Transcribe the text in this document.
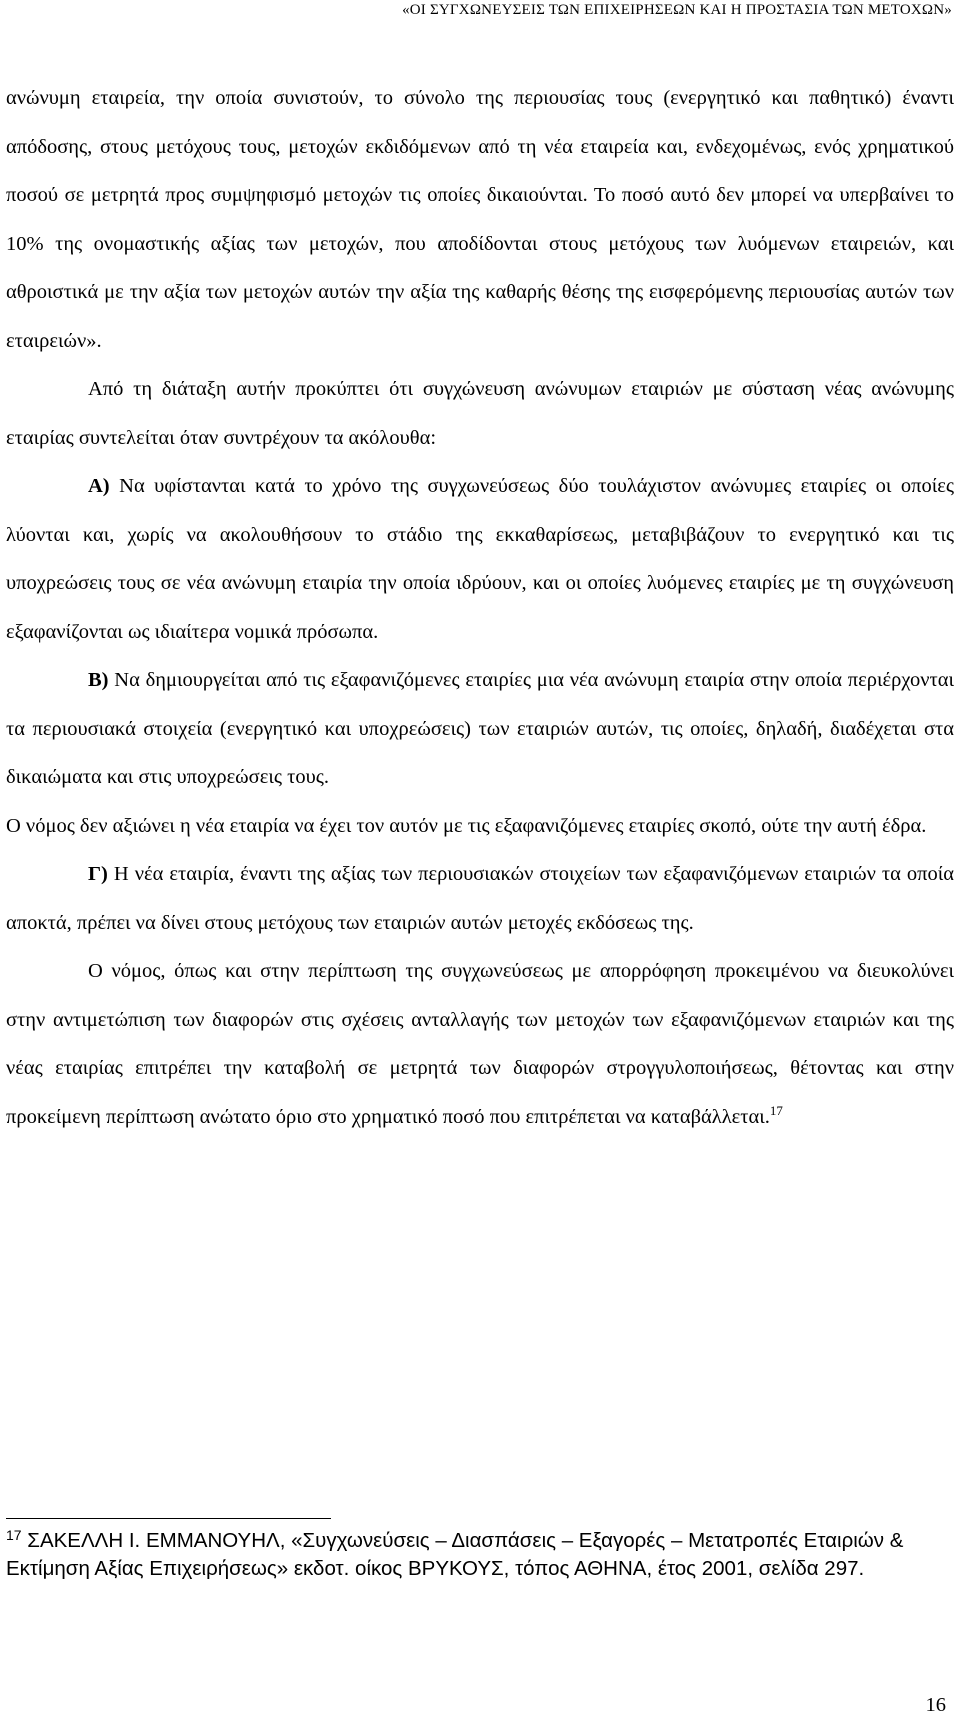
«ΟΙ ΣΥΓΧΩΝΕΥΣΕΙΣ ΤΩΝ ΕΠΙΧΕΙΡΗΣΕΩΝ ΚΑΙ Η ΠΡΟΣΤΑΣΙΑ ΤΩΝ ΜΕΤΟΧΩΝ»

ανώνυμη εταιρεία, την οποία συνιστούν, το σύνολο της περιουσίας τους (ενεργητικό και παθητικό) έναντι απόδοσης, στους μετόχους τους, μετοχών εκδιδόμενων από τη νέα εταιρεία και, ενδεχομένως, ενός χρηματικού ποσού σε μετρητά προς συμψηφισμό μετοχών τις οποίες δικαιούνται. Το ποσό αυτό δεν μπορεί να υπερβαίνει το 10% της ονομαστικής αξίας των μετοχών, που αποδίδονται στους μετόχους των λυόμενων εταιρειών, και αθροιστικά με την αξία των μετοχών αυτών την αξία της καθαρής θέσης της εισφερόμενης περιουσίας αυτών των εταιρειών».

Από τη διάταξη αυτήν προκύπτει ότι συγχώνευση ανώνυμων εταιριών με σύσταση νέας ανώνυμης εταιρίας συντελείται όταν συντρέχουν τα ακόλουθα:

Α) Να υφίστανται κατά το χρόνο της συγχωνεύσεως δύο τουλάχιστον ανώνυμες εταιρίες οι οποίες λύονται και, χωρίς να ακολουθήσουν το στάδιο της εκκαθαρίσεως, μεταβιβάζουν το ενεργητικό και τις υποχρεώσεις τους σε νέα ανώνυμη εταιρία την οποία ιδρύουν, και οι οποίες λυόμενες εταιρίες με τη συγχώνευση εξαφανίζονται ως ιδιαίτερα νομικά πρόσωπα.

Β) Να δημιουργείται από τις εξαφανιζόμενες εταιρίες μια νέα ανώνυμη εταιρία στην οποία περιέρχονται τα περιουσιακά στοιχεία (ενεργητικό και υποχρεώσεις) των εταιριών αυτών, τις οποίες, δηλαδή, διαδέχεται στα δικαιώματα και στις υποχρεώσεις τους.

Ο νόμος δεν αξιώνει η νέα εταιρία να έχει τον αυτόν με τις εξαφανιζόμενες εταιρίες σκοπό, ούτε την αυτή έδρα.

Γ) Η νέα εταιρία, έναντι της αξίας των περιουσιακών στοιχείων των εξαφανιζόμενων εταιριών τα οποία αποκτά, πρέπει να δίνει στους μετόχους των εταιριών αυτών μετοχές εκδόσεως της.

Ο νόμος, όπως και στην περίπτωση της συγχωνεύσεως με απορρόφηση προκειμένου να διευκολύνει στην αντιμετώπιση των διαφορών στις σχέσεις ανταλλαγής των μετοχών των εξαφανιζόμενων εταιριών και της νέας εταιρίας επιτρέπει την καταβολή σε μετρητά των διαφορών στρογγυλοποιήσεως, θέτοντας και στην προκείμενη περίπτωση ανώτατο όριο στο χρηματικό ποσό που επιτρέπεται να καταβάλλεται.$^{17}$

$^{17}$ ΣΑΚΕΛΛΗ Ι. ΕΜΜΑΝΟΥΗΛ, «Συγχωνεύσεις – Διασπάσεις – Εξαγορές – Μετατροπές Εταιριών & Εκτίμηση Αξίας Επιχειρήσεως» εκδοτ. οίκος ΒΡΥΚΟΥΣ, τόπος ΑΘΗΝΑ, έτος 2001, σελίδα 297.
16
